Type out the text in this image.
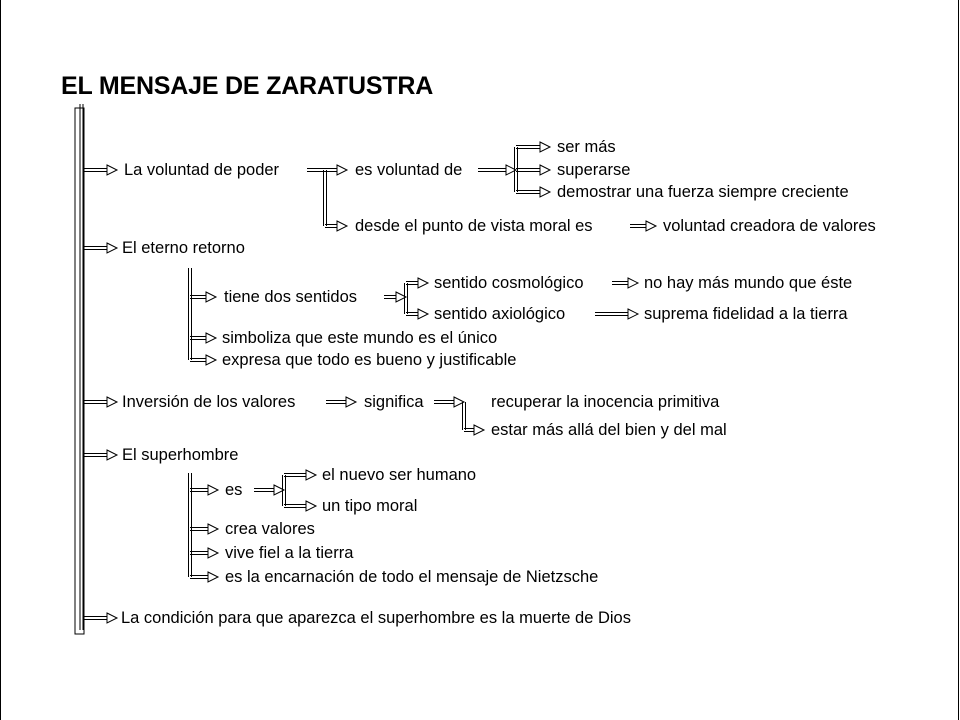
EL MENSAJE DE ZARATUSTRA
La voluntad de poder	es voluntad de
ser más
superarse
demostrar una fuerza siempre creciente
desde el punto de vista moral es	voluntad creadora de valores
El eterno retorno
tiene dos sentidos
sentido cosmológico	no hay más mundo que éste
sentido axiológico	suprema fidelidad a la tierra
simboliza que este mundo es el único
expresa que todo es bueno y justificable
Inversión de los valores	significa	recuperar la inocencia primitiva
estar más allá del bien y del mal
El superhombre
es
el nuevo ser humano
un tipo moral
crea valores
vive fiel a la tierra
es la encarnación de todo el mensaje de Nietzsche
La condición para que aparezca el superhombre es la muerte de Dios
